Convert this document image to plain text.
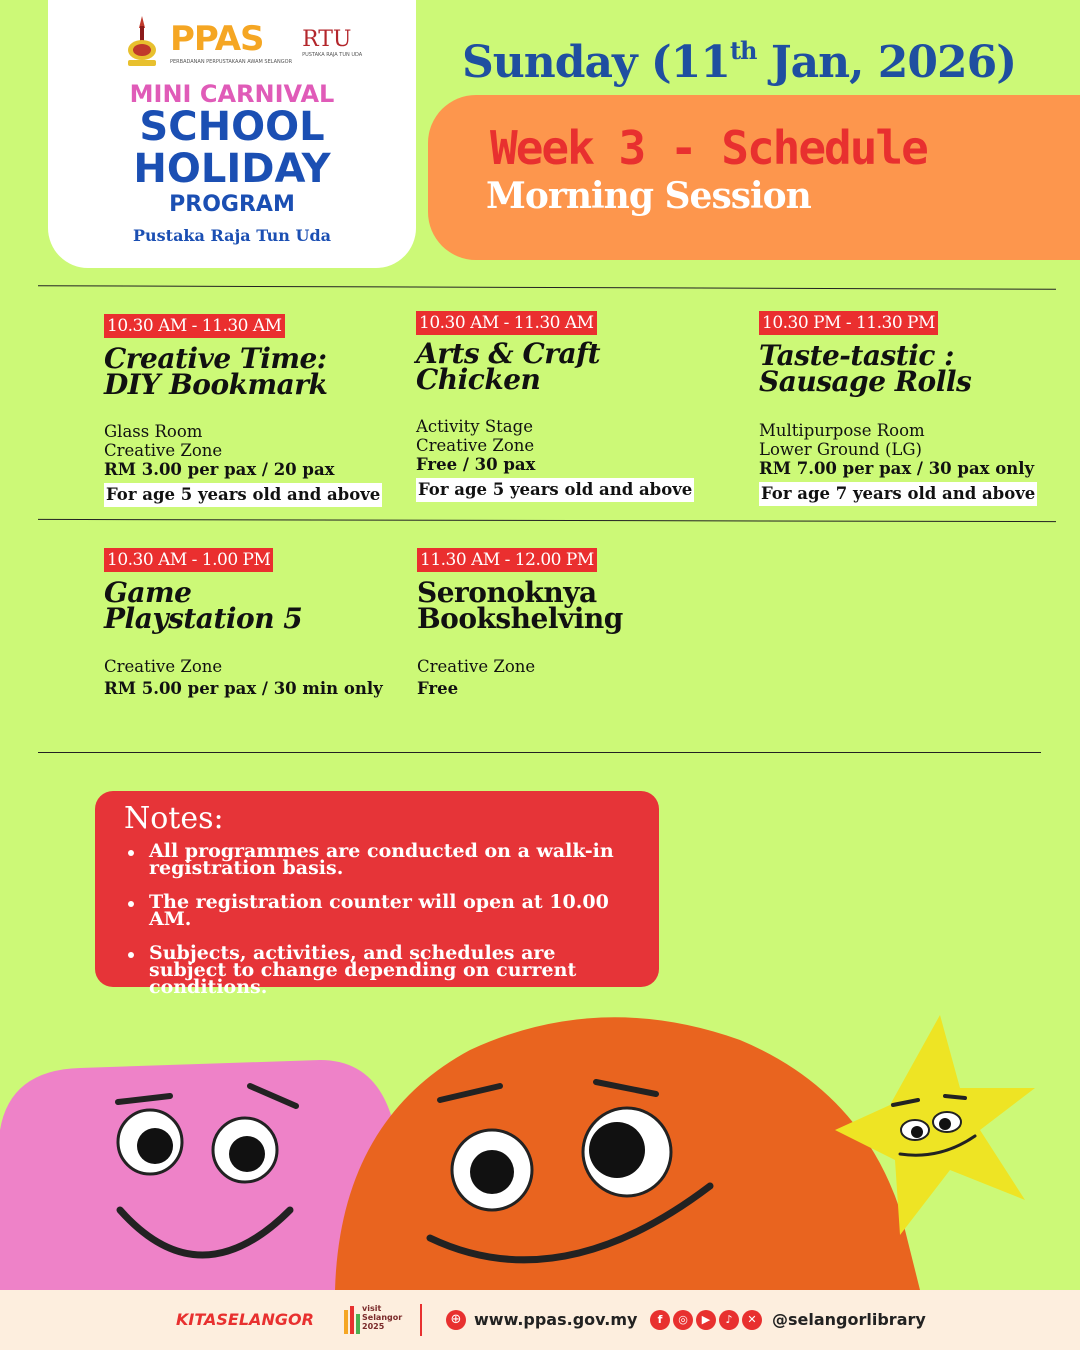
PPAS
PERBADANAN PERPUSTAKAAN AWAM SELANGOR
RTU
PUSTAKA RAJA TUN UDA
MINI CARNIVAL
SCHOOL
HOLIDAY
PROGRAM
Pustaka Raja Tun Uda
Sunday (11th Jan, 2026)
Week 3 - Schedule
Morning Session
10.30 AM - 11.30 AM
Creative Time:
DIY Bookmark
Glass Room
Creative Zone
RM 3.00 per pax / 20 pax
For age 5 years old and above
10.30 AM - 11.30 AM
Arts & Craft
Chicken
Activity Stage
Creative Zone
Free / 30 pax
For age 5 years old and above
10.30 PM - 11.30 PM
Taste-tastic :
Sausage Rolls
Multipurpose Room
Lower Ground (LG)
RM 7.00 per pax / 30 pax only
For age 7 years old and above
10.30 AM - 1.00 PM
Game
Playstation 5
Creative Zone
RM 5.00 per pax / 30 min only
11.30 AM - 12.00 PM
Seronoknya
Bookshelving
Creative Zone
Free
Notes:
All programmes are conducted on a walk-in registration basis.
The registration counter will open at 10.00 AM.
Subjects, activities, and schedules are subject to change depending on current conditions.
KITASELANGOR
visit Selangor 2025	⊕ www.ppas.gov.my	f	◎	▶	♪	✕ @selangorlibrary
